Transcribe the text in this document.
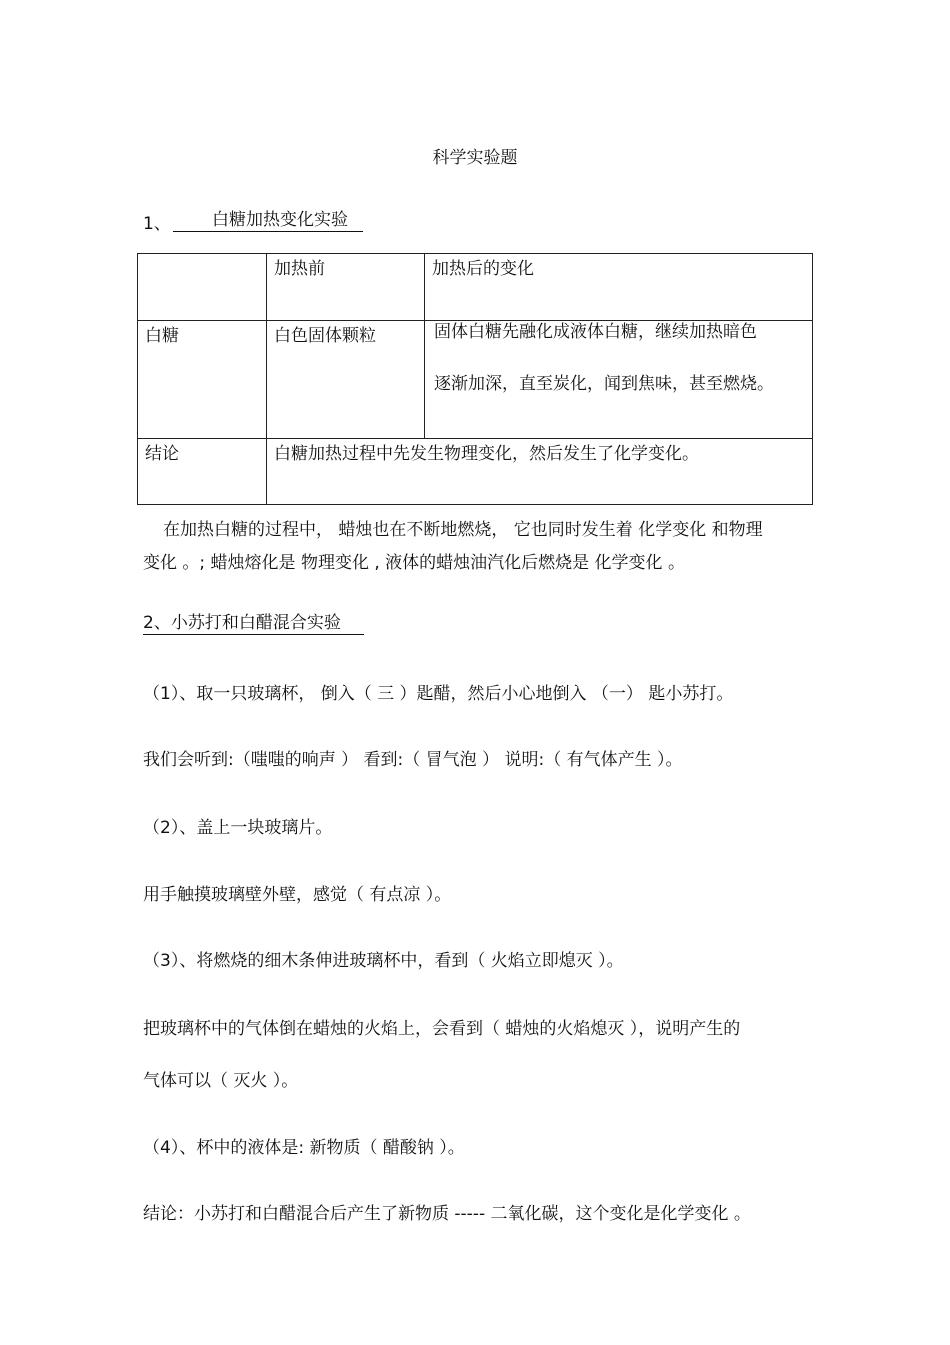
科学实验题
1、	白糖加热变化实验
	加热前	加热后的变化
白糖	白色固体颗粒	固体白糖先融化成液体白糖，继续加热暗色
逐渐加深，直至炭化，闻到焦味，甚至燃烧。

结论	白糖加热过程中先发生物理变化，然后发生了化学变化。	
在加热白糖的过程中， 蜡烛也在不断地燃烧， 它也同时发生着 化学变化 和物理
变化 。; 蜡烛熔化是 物理变化 , 液体的蜡烛油汽化后燃烧是 化学变化 。
2、小苏打和白醋混合实验
（1）、取一只玻璃杯， 倒入（ 三 ）匙醋，然后小心地倒入 （一） 匙小苏打。
我们会听到:（嗤嗤的响声 ） 看到:（ 冒气泡 ） 说明:（ 有气体产生 ）。
（2）、盖上一块玻璃片。
用手触摸玻璃壁外壁，感觉（ 有点凉 ）。
（3）、将燃烧的细木条伸进玻璃杯中，看到（ 火焰立即熄灭 ）。
把玻璃杯中的气体倒在蜡烛的火焰上，会看到（ 蜡烛的火焰熄灭 ），说明产生的
气体可以（ 灭火 ）。
（4）、杯中的液体是: 新物质（ 醋酸钠 ）。
结论：小苏打和白醋混合后产生了新物质 ----- 二氧化碳，这个变化是化学变化 。
